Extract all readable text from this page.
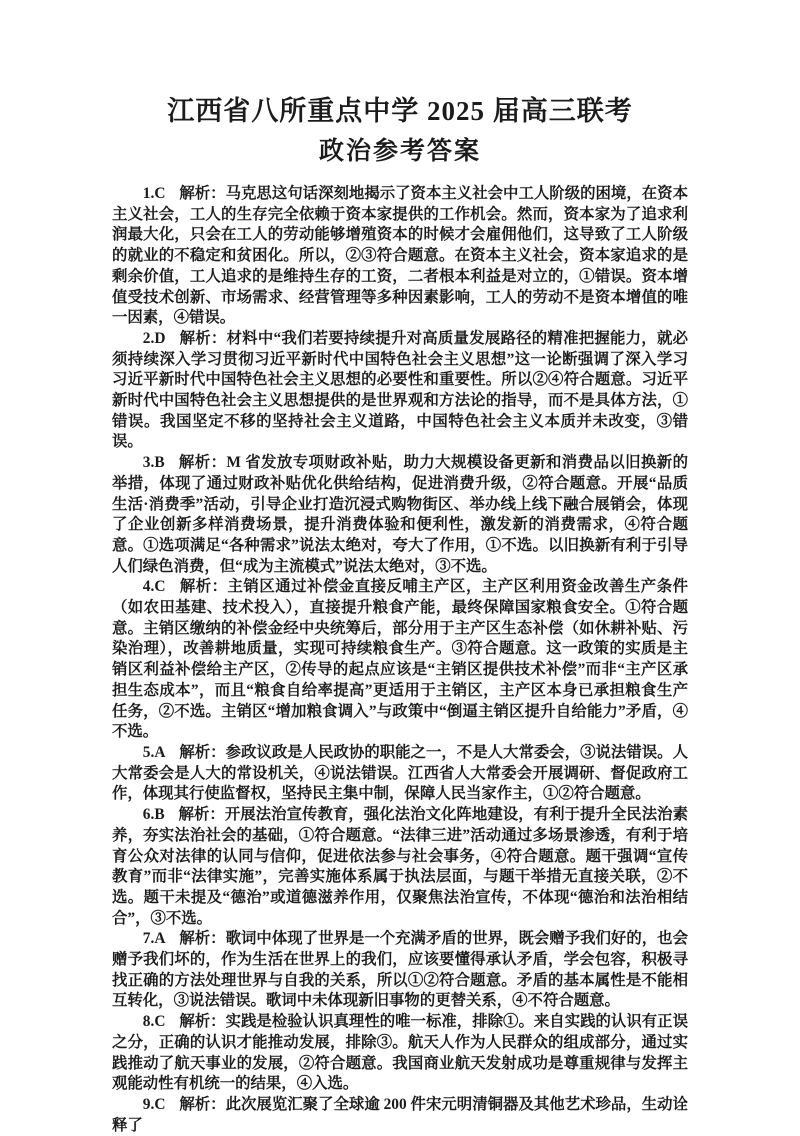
江西省八所重点中学 2025 届高三联考
政治参考答案

1.C 解析：马克思这句话深刻地揭示了资本主义社会中工人阶级的困境，在资本主义社会，工人的生存完全依赖于资本家提供的工作机会。然而，资本家为了追求利润最大化，只会在工人的劳动能够增殖资本的时候才会雇佣他们，这导致了工人阶级的就业的不稳定和贫困化。所以，②③符合题意。在资本主义社会，资本家追求的是剩余价值，工人追求的是维持生存的工资，二者根本利益是对立的，①错误。资本增值受技术创新、市场需求、经营管理等多种因素影响，工人的劳动不是资本增值的唯一因素，④错误。

2.D 解析：材料中“我们若要持续提升对高质量发展路径的精准把握能力，就必须持续深入学习贯彻习近平新时代中国特色社会主义思想”这一论断强调了深入学习习近平新时代中国特色社会主义思想的必要性和重要性。所以②④符合题意。习近平新时代中国特色社会主义思想提供的是世界观和方法论的指导，而不是具体方法，①错误。我国坚定不移的坚持社会主义道路，中国特色社会主义本质并未改变，③错误。

3.B 解析：M 省发放专项财政补贴，助力大规模设备更新和消费品以旧换新的举措，体现了通过财政补贴优化供给结构，促进消费升级，②符合题意。开展“品质生活·消费季”活动，引导企业打造沉浸式购物街区、举办线上线下融合展销会，体现了企业创新多样消费场景，提升消费体验和便利性，激发新的消费需求，④符合题意。①选项满足“各种需求”说法太绝对，夸大了作用，①不选。以旧换新有利于引导人们绿色消费，但“成为主流模式”说法太绝对，③不选。

4.C 解析：主销区通过补偿金直接反哺主产区，主产区利用资金改善生产条件（如农田基建、技术投入），直接提升粮食产能，最终保障国家粮食安全。①符合题意。主销区缴纳的补偿金经中央统筹后，部分用于主产区生态补偿（如休耕补贴、污染治理），改善耕地质量，实现可持续粮食生产。③符合题意。这一政策的实质是主销区利益补偿给主产区，②传导的起点应该是“主销区提供技术补偿”而非“主产区承担生态成本”，而且“粮食自给率提高”更适用于主销区，主产区本身已承担粮食生产任务，②不选。主销区“增加粮食调入”与政策中“倒逼主销区提升自给能力”矛盾，④不选。

5.A 解析：参政议政是人民政协的职能之一，不是人大常委会，③说法错误。人大常委会是人大的常设机关，④说法错误。江西省人大常委会开展调研、督促政府工作，体现其行使监督权，坚持民主集中制，保障人民当家作主，①②符合题意。

6.B 解析：开展法治宣传教育，强化法治文化阵地建设，有利于提升全民法治素养，夯实法治社会的基础，①符合题意。“法律三进”活动通过多场景渗透，有利于培育公众对法律的认同与信仰，促进依法参与社会事务，④符合题意。题干强调“宣传教育”而非“法律实施”，完善实施体系属于执法层面，与题干举措无直接关联，②不选。题干未提及“德治”或道德滋养作用，仅聚焦法治宣传，不体现“德治和法治相结合”，③不选。

7.A 解析：歌词中体现了世界是一个充满矛盾的世界，既会赠予我们好的，也会赠予我们坏的，作为生活在世界上的我们，应该要懂得承认矛盾，学会包容，积极寻找正确的方法处理世界与自我的关系，所以①②符合题意。矛盾的基本属性是不能相互转化，③说法错误。歌词中未体现新旧事物的更替关系，④不符合题意。

8.C 解析：实践是检验认识真理性的唯一标准，排除①。来自实践的认识有正误之分，正确的认识才能推动发展，排除③。航天人作为人民群众的组成部分，通过实践推动了航天事业的发展，②符合题意。我国商业航天发射成功是尊重规律与发挥主观能动性有机统一的结果，④入选。

9.C 解析：此次展览汇聚了全球逾 200 件宋元明清铜器及其他艺术珍品，生动诠释了
